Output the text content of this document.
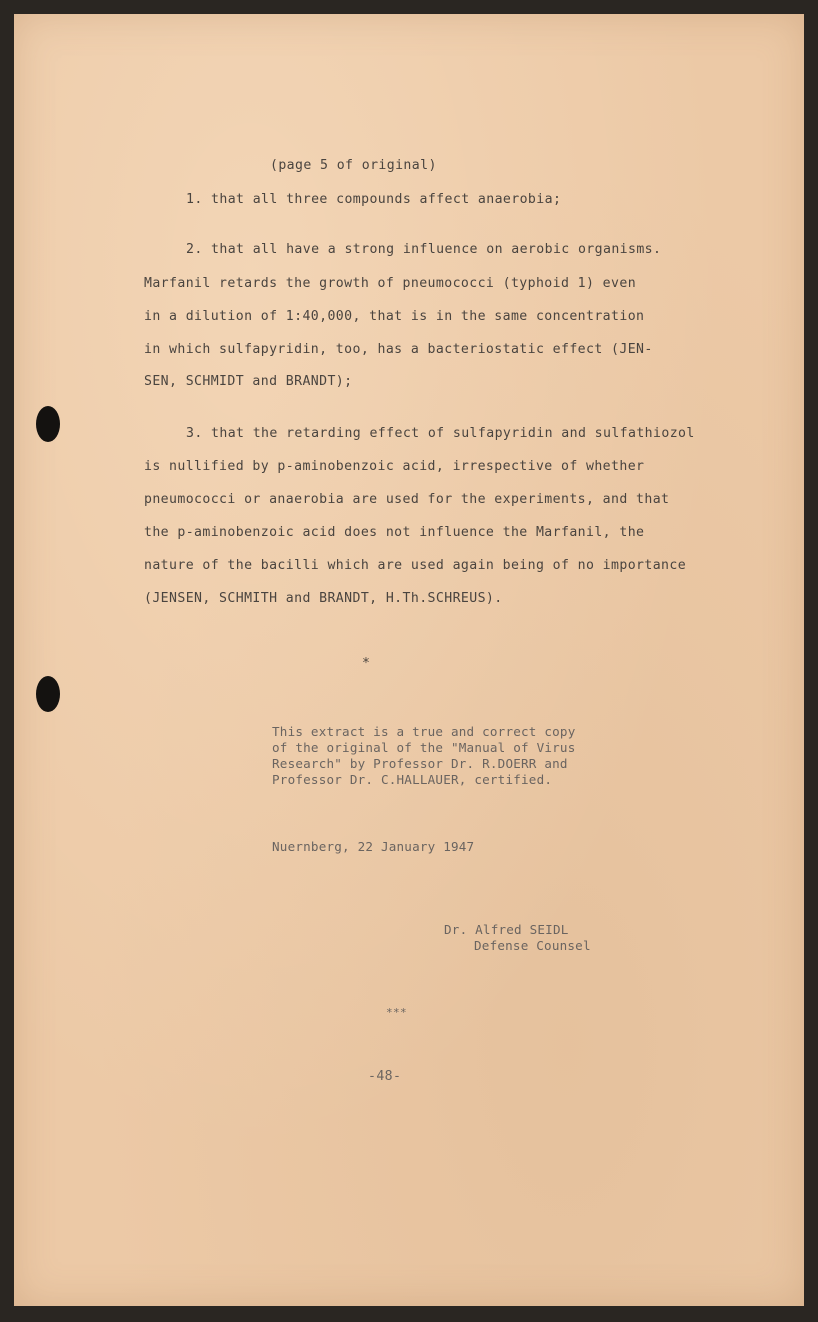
(page 5 of original)

1. that all three compounds affect anaerobia;

2. that all have a strong influence on aerobic organisms.

Marfanil retards the growth of pneumococci (typhoid 1) even

in a dilution of 1:40,000, that is in the same concentration

in which sulfapyridin, too, has a bacteriostatic effect (JEN-

SEN, SCHMIDT and BRANDT);

3. that the retarding effect of sulfapyridin and sulfathiozol

is nullified by p-aminobenzoic acid, irrespective of whether

pneumococci or anaerobia are used for the experiments, and that

the p-aminobenzoic acid does not influence the Marfanil, the

nature of the bacilli which are used again being of no importance

(JENSEN, SCHMITH and BRANDT, H.Th.SCHREUS).

*

This extract is a true and correct copy

of the original of the "Manual of Virus

Research" by Professor Dr. R.DOERR and

Professor Dr. C.HALLAUER, certified.

Nuernberg, 22 January 1947

Dr. Alfred SEIDL

Defense Counsel

***

-48-
